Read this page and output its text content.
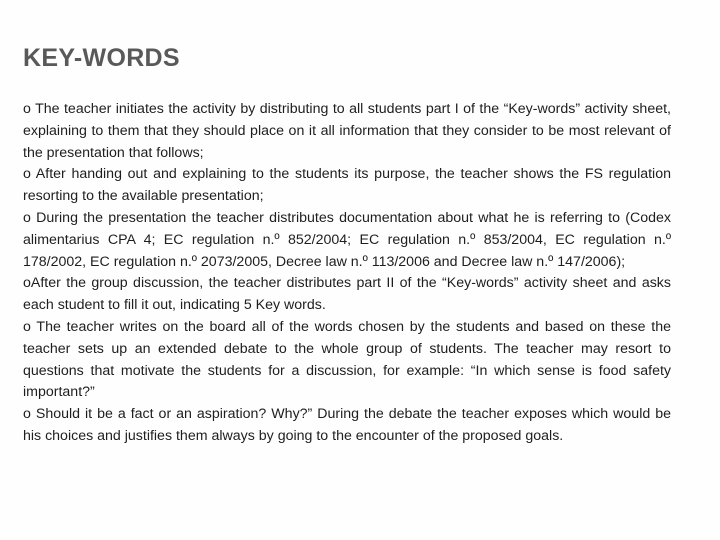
KEY-WORDS

o The teacher initiates the activity by distributing to all students part I of the “Key-words” activity sheet, explaining to them that they should place on it all information that they consider to be most relevant of the presentation that follows;

o After handing out and explaining to the students its purpose, the teacher shows the FS regulation resorting to the available presentation;

o During the presentation the teacher distributes documentation about what he is referring to (Codex alimentarius CPA 4; EC regulation n.º 852/2004; EC regulation n.º 853/2004, EC regulation n.º 178/2002, EC regulation n.º 2073/2005, Decree law n.º 113/2006 and Decree law n.º 147/2006);

oAfter the group discussion, the teacher distributes part II of the “Key-words” activity sheet and asks each student to fill it out, indicating 5 Key words.

o The teacher writes on the board all of the words chosen by the students and based on these the teacher sets up an extended debate to the whole group of students. The teacher may resort to questions that motivate the students for a discussion, for example: “In which sense is food safety important?”

o Should it be a fact or an aspiration? Why?” During the debate the teacher exposes which would be his choices and justifies them always by going to the encounter of the proposed goals.
